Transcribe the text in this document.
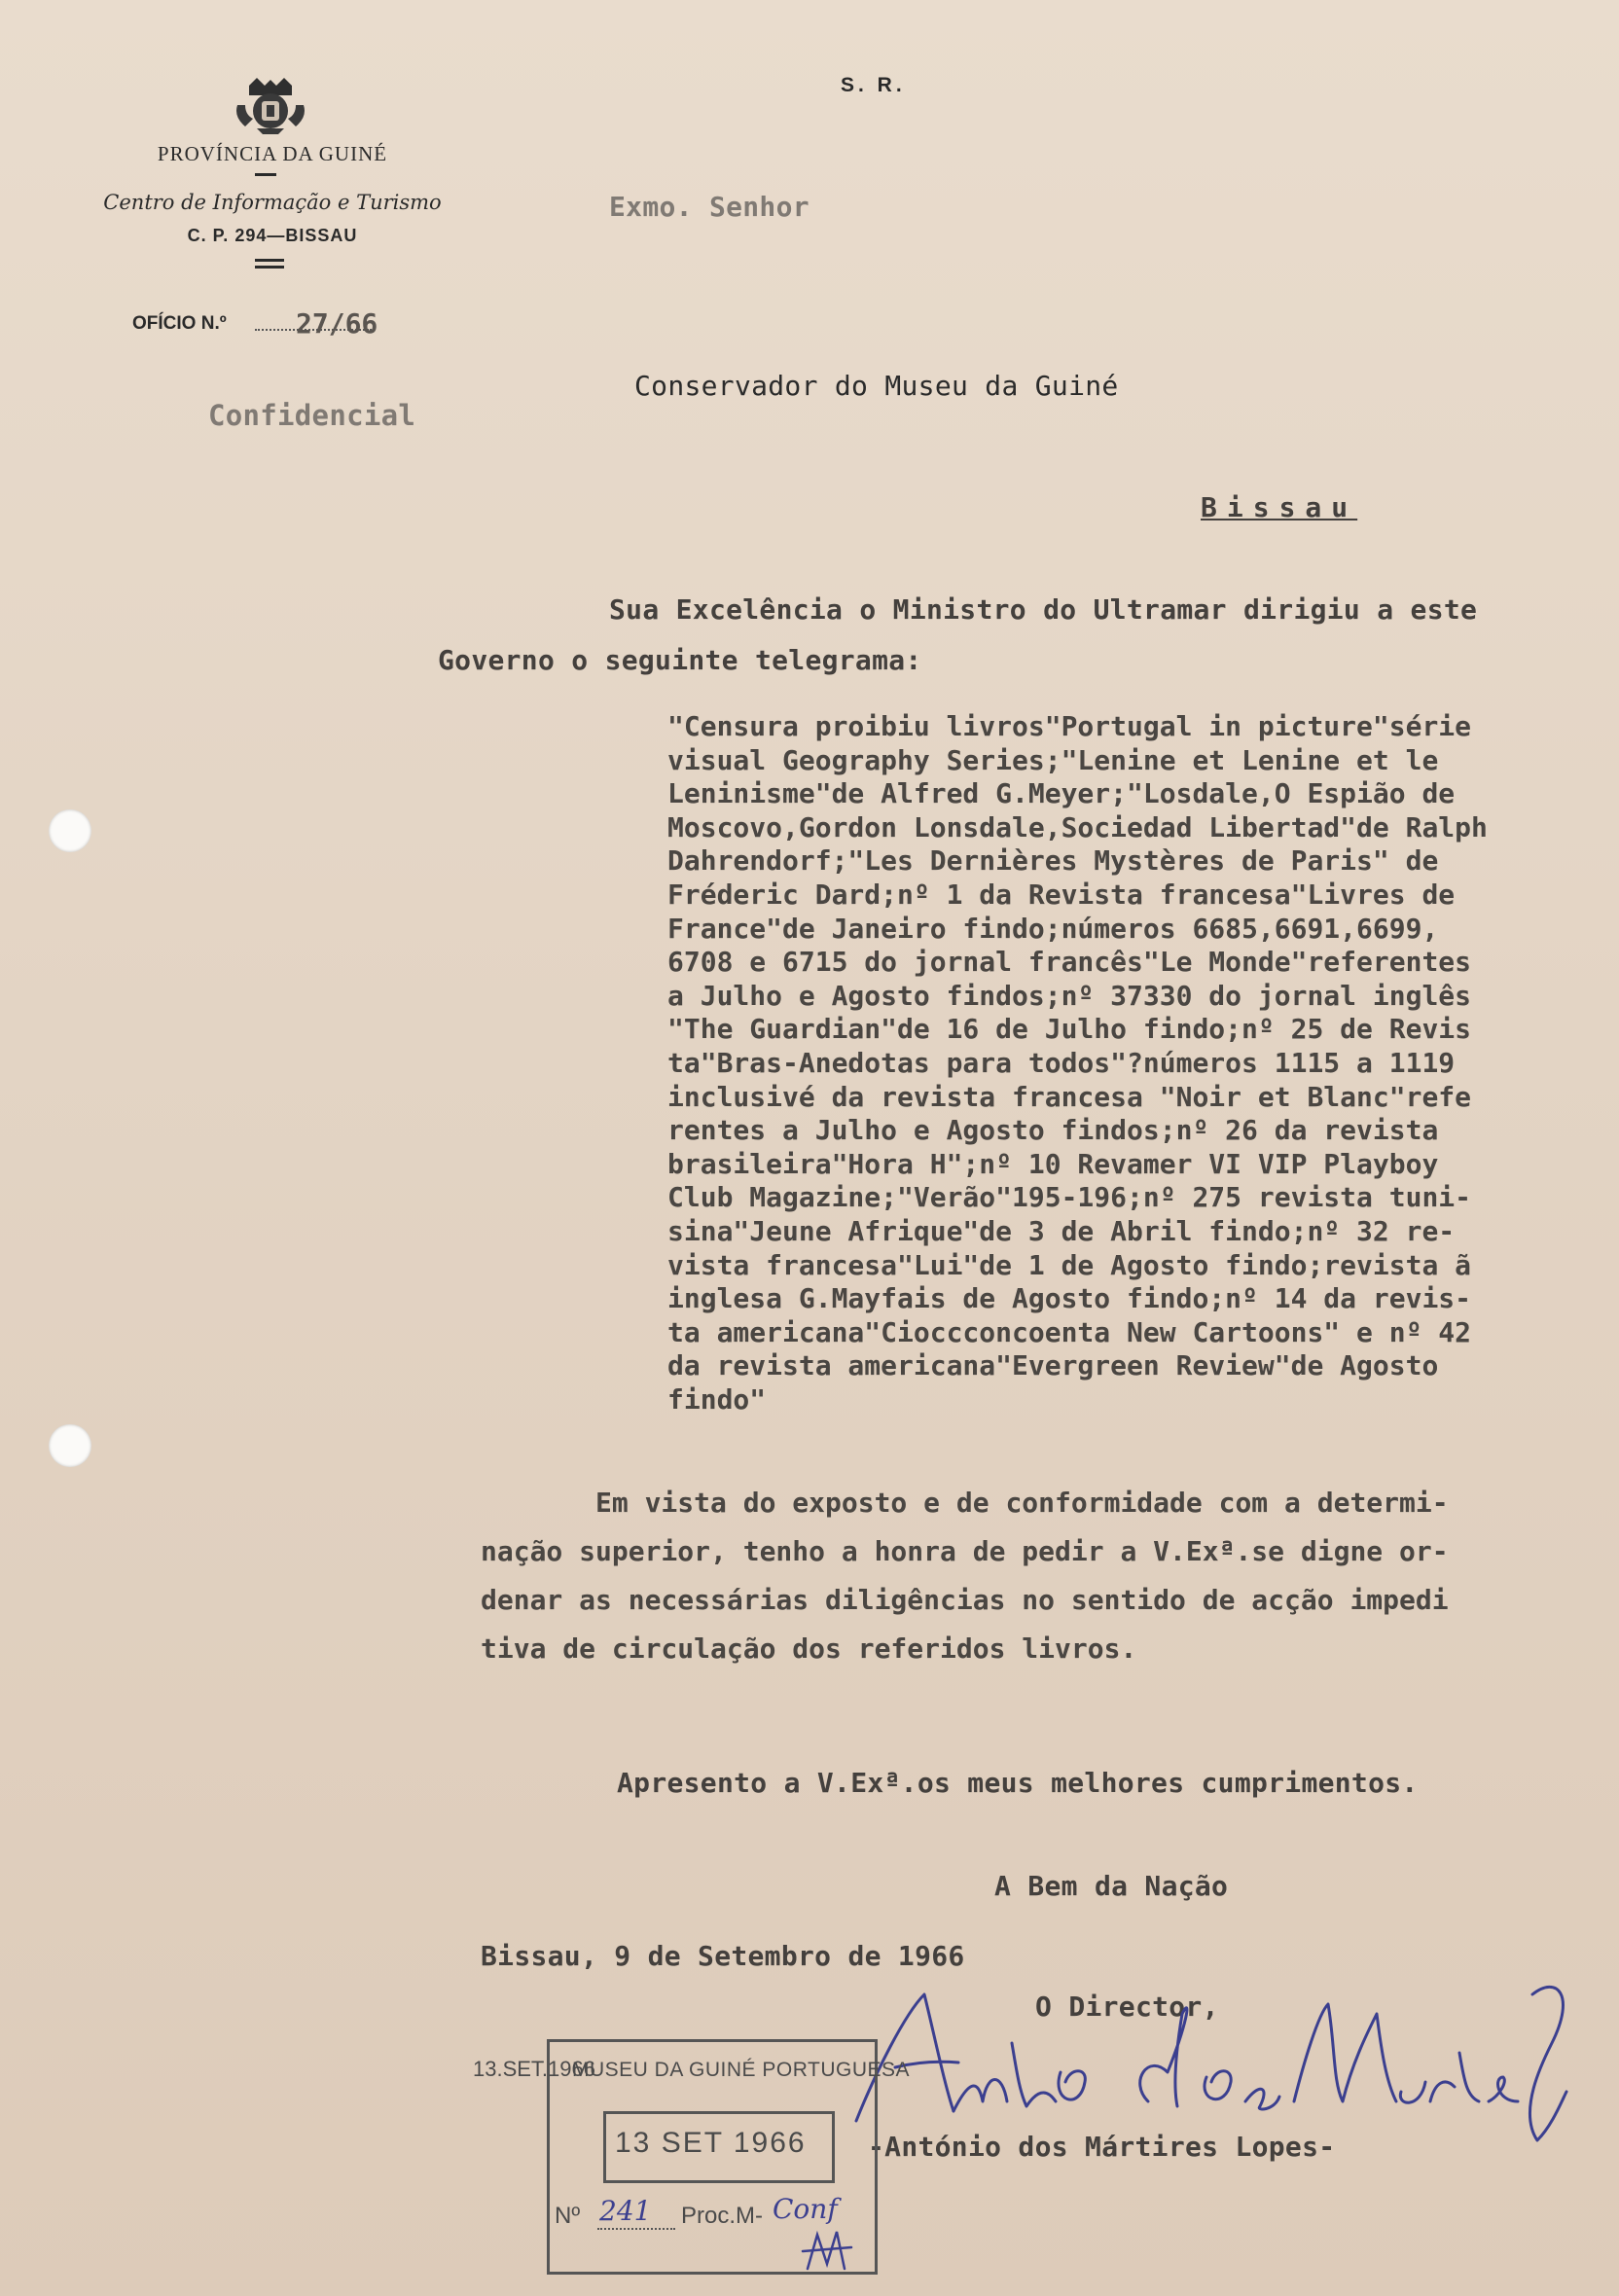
PROVÍNCIA DA GUINÉ
Centro de Informação e Turismo
C. P. 294—BISSAU
S. R.
OFÍCIO N.º	27/66
Confidencial
Exmo. Senhor
Conservador do Museu da Guiné
Bissau
Sua Excelência o Ministro do Ultramar dirigiu a este
Governo o seguinte telegrama:
"Censura proibiu livros"Portugal in picture"série
visual Geography Series;"Lenine et Lenine et le
Leninisme"de Alfred G.Meyer;"Losdale,O Espião de
Moscovo,Gordon Lonsdale,Sociedad Libertad"de Ralph
Dahrendorf;"Les Dernières Mystères de Paris" de
Fréderic Dard;nº 1 da Revista francesa"Livres de
France"de Janeiro findo;números 6685,6691,6699,
6708 e 6715 do jornal francês"Le Monde"referentes
a Julho e Agosto findos;nº 37330 do jornal inglês
"The Guardian"de 16 de Julho findo;nº 25 de Revis
ta"Bras-Anedotas para todos"?números 1115 a 1119
inclusivé da revista francesa "Noir et Blanc"refe
rentes a Julho e Agosto findos;nº 26 da revista
brasileira"Hora H";nº 10 Revamer VI VIP Playboy
Club Magazine;"Verão"195-196;nº 275 revista tuni-
sina"Jeune Afrique"de 3 de Abril findo;nº 32 re-
vista francesa"Lui"de 1 de Agosto findo;revista ã
inglesa G.Mayfais de Agosto findo;nº 14 da revis-
ta americana"Cioccconcoenta New Cartoons" e nº 42
da revista americana"Evergreen Review"de Agosto
findo"
Em vista do exposto e de conformidade com a determi-
nação superior, tenho a honra de pedir a V.Exª.se digne or-
denar as necessárias diligências no sentido de acção impedi
tiva de circulação dos referidos livros.
Apresento a V.Exª.os meus melhores cumprimentos.
A Bem da Nação
Bissau, 9 de Setembro de 1966
O Director,
-António dos Mártires Lopes-
13.SET.1966
MUSEU DA GUINÉ PORTUGUESA
13 SET 1966
Nº 241 Proc.M- Conf
